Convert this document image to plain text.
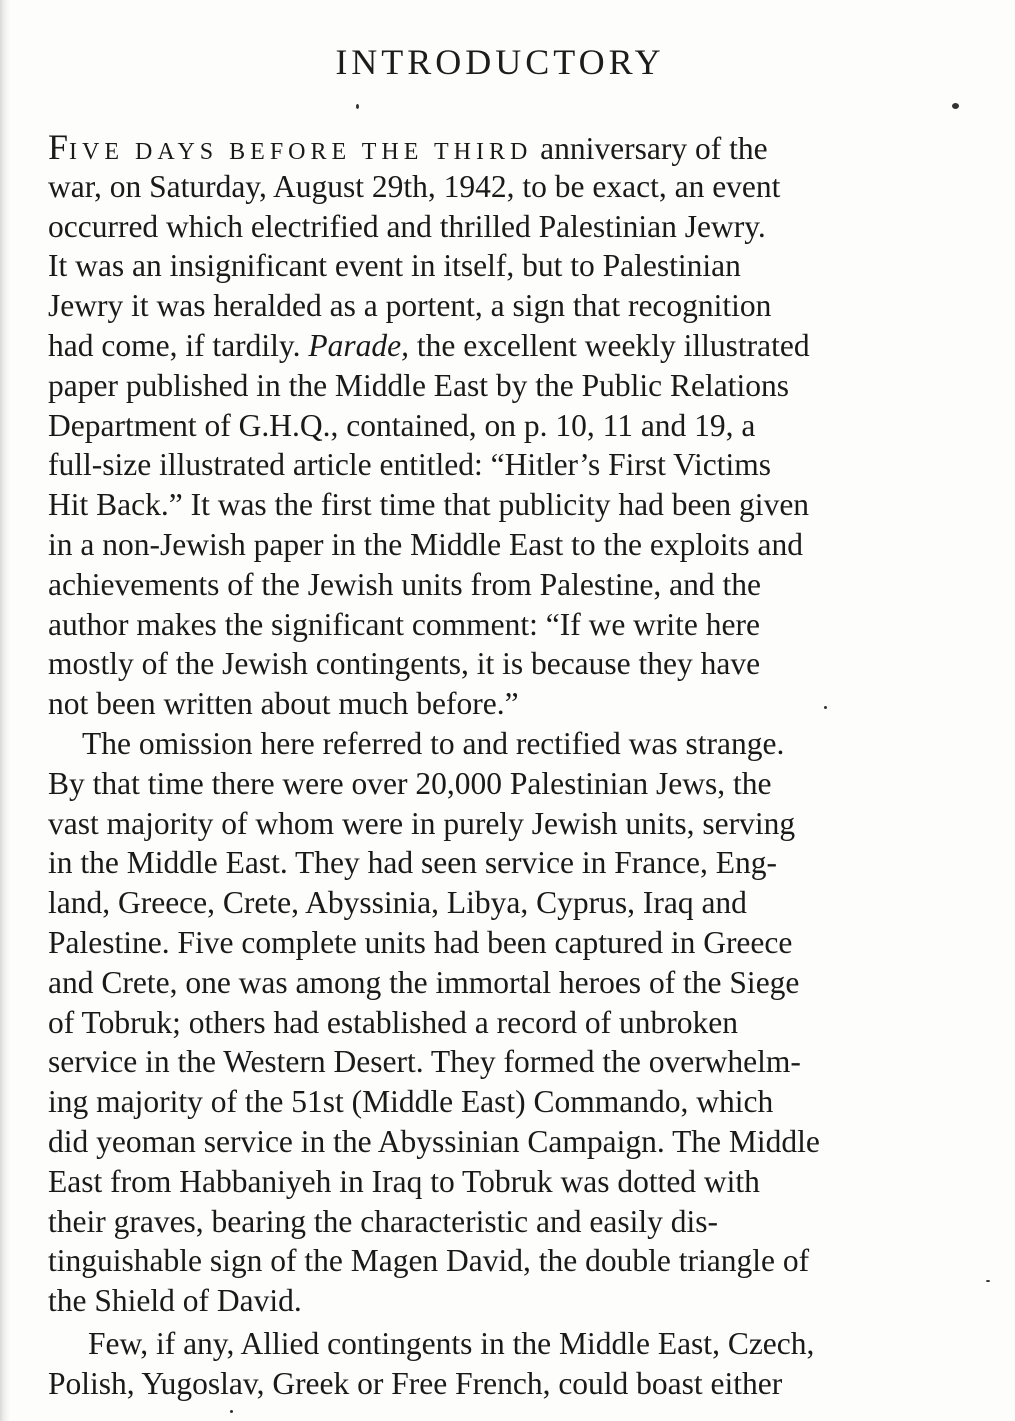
INTRODUCTORY
FIVE DAYS BEFORE THE THIRD anniversary of the
war, on Saturday, August 29th, 1942, to be exact, an event
occurred which electrified and thrilled Palestinian Jewry.
It was an insignificant event in itself, but to Palestinian
Jewry it was heralded as a portent, a sign that recognition
had come, if tardily. Parade, the excellent weekly illustrated
paper published in the Middle East by the Public Relations
Department of G.H.Q., contained, on p. 10, 11 and 19, a
full-size illustrated article entitled: “Hitler’s First Victims
Hit Back.” It was the first time that publicity had been given
in a non-Jewish paper in the Middle East to the exploits and
achievements of the Jewish units from Palestine, and the
author makes the significant comment: “If we write here
mostly of the Jewish contingents, it is because they have
not been written about much before.”
The omission here referred to and rectified was strange.
By that time there were over 20,000 Palestinian Jews, the
vast majority of whom were in purely Jewish units, serving
in the Middle East. They had seen service in France, Eng-
land, Greece, Crete, Abyssinia, Libya, Cyprus, Iraq and
Palestine. Five complete units had been captured in Greece
and Crete, one was among the immortal heroes of the Siege
of Tobruk; others had established a record of unbroken
service in the Western Desert. They formed the overwhelm-
ing majority of the 51st (Middle East) Commando, which
did yeoman service in the Abyssinian Campaign. The Middle
East from Habbaniyeh in Iraq to Tobruk was dotted with
their graves, bearing the characteristic and easily dis-
tinguishable sign of the Magen David, the double triangle of
the Shield of David.
Few, if any, Allied contingents in the Middle East, Czech,
Polish, Yugoslav, Greek or Free French, could boast either
